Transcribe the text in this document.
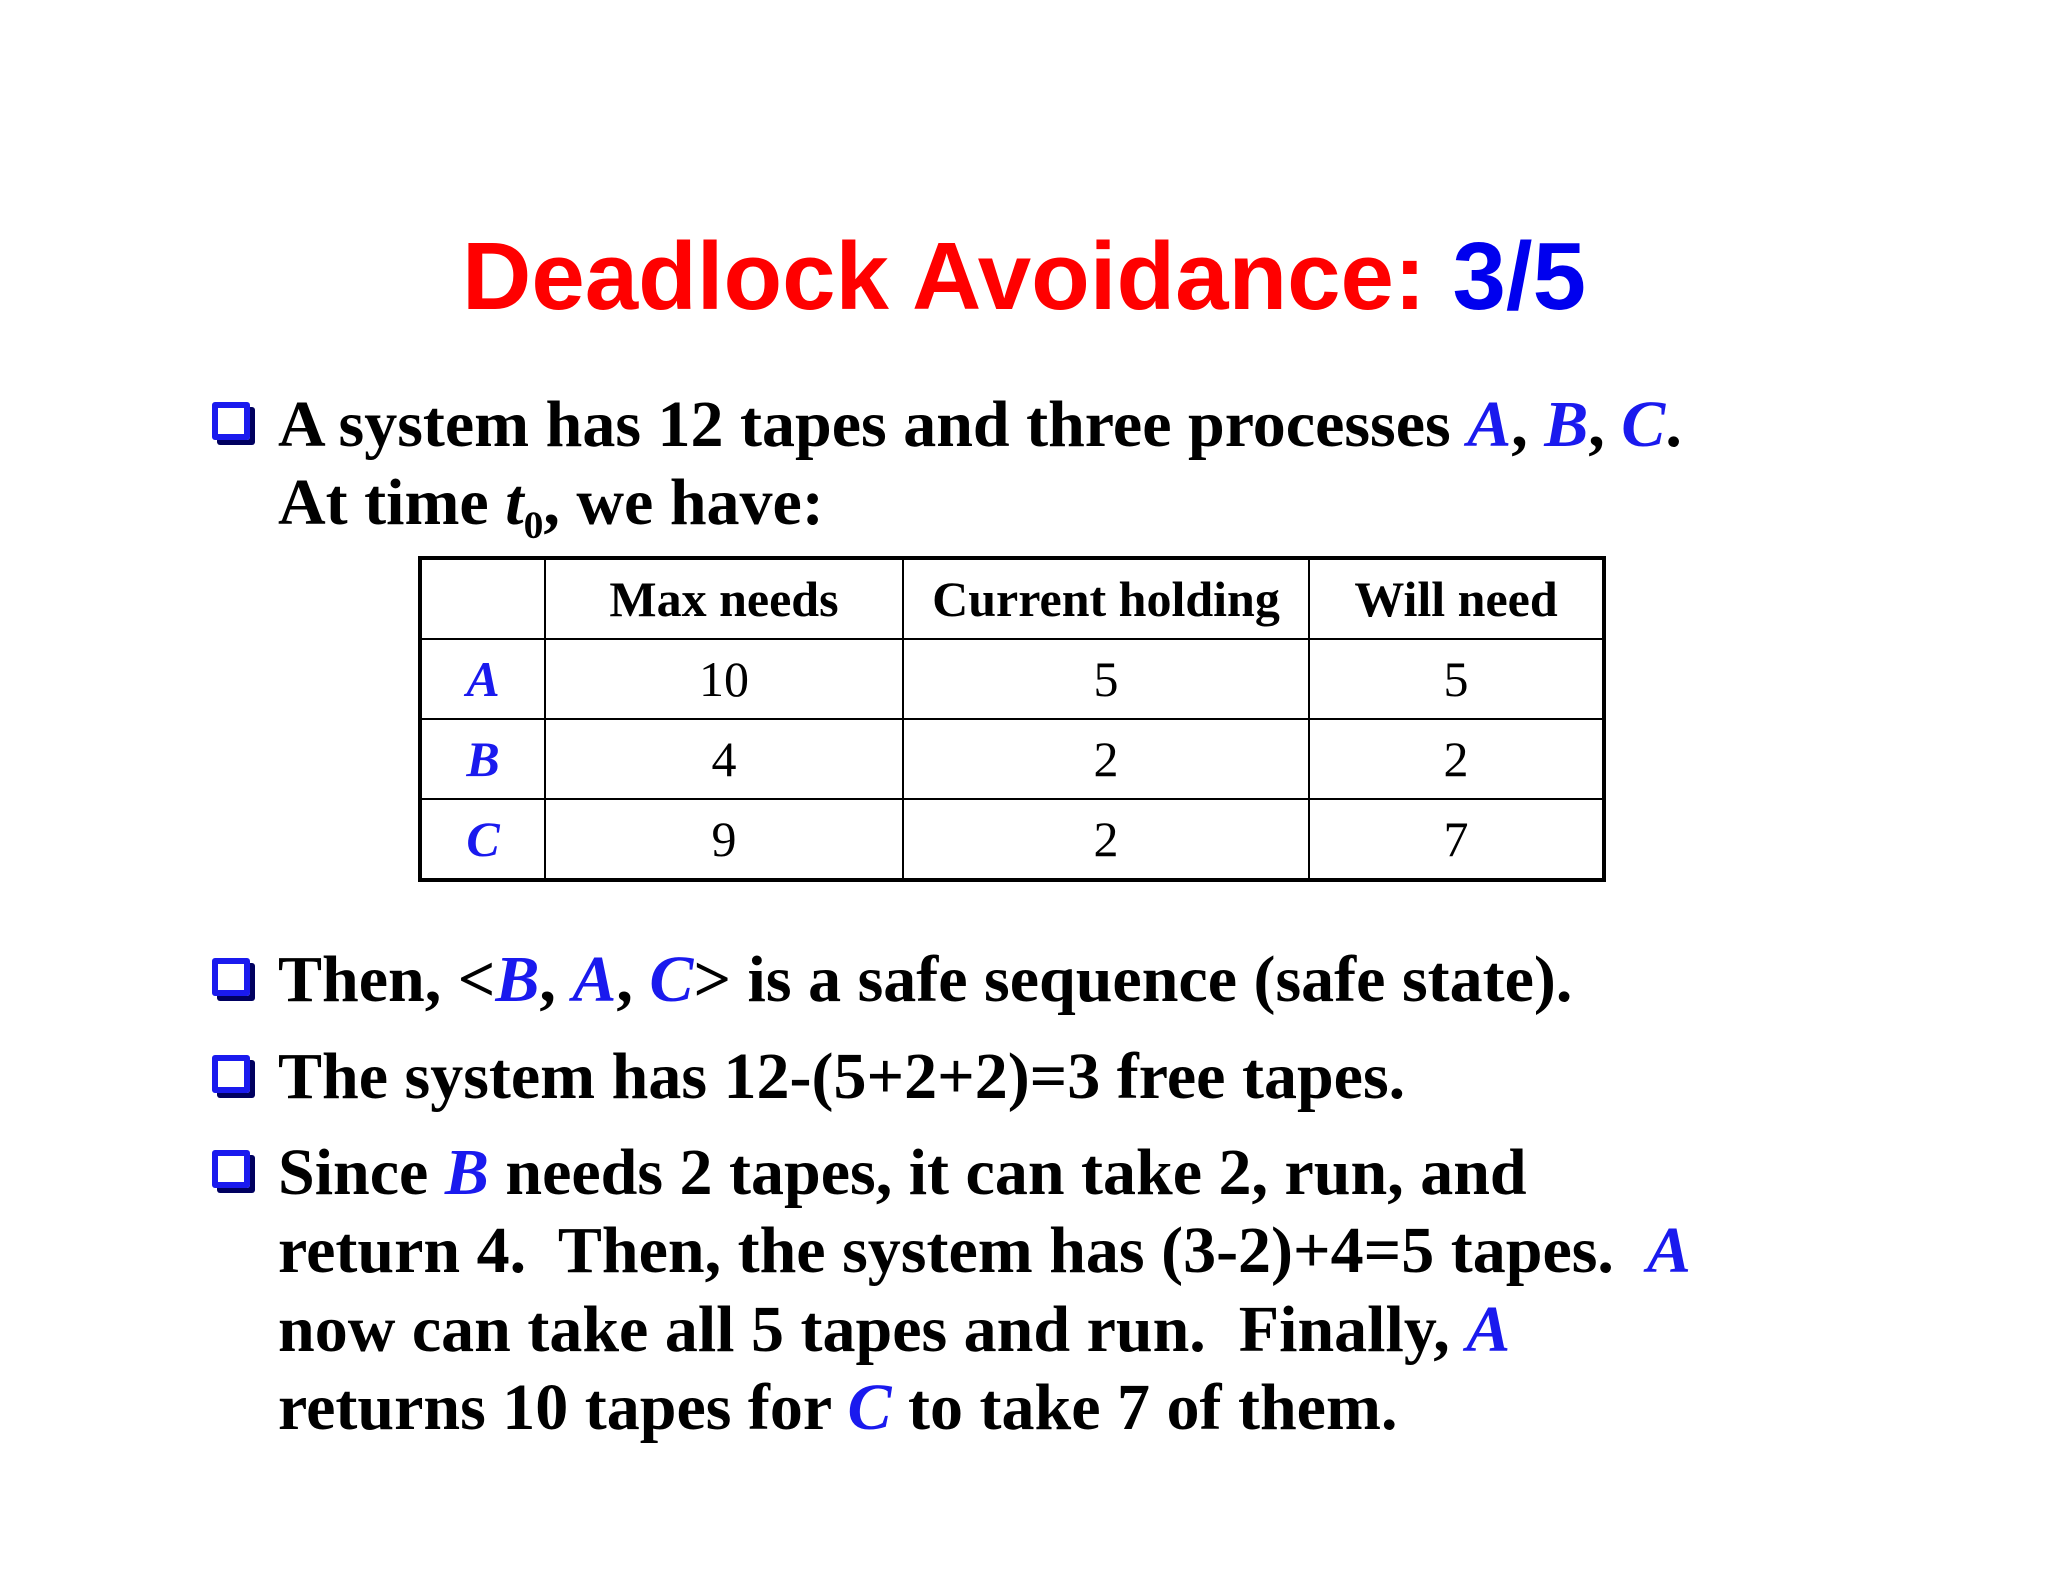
Deadlock Avoidance: 3/5
A system has 12 tapes and three processes A, B, C.
At time $t_0$, we have:
	Max needs	Current holding	Will need
A	10	5	5
B	4	2	2
C	9	2	7
Then, <B, A, C> is a safe sequence (safe state).
The system has 12-(5+2+2)=3 free tapes.
Since B needs 2 tapes, it can take 2, run, and
return 4.  Then, the system has (3-2)+4=5 tapes.  A
now can take all 5 tapes and run.  Finally, A
returns 10 tapes for C to take 7 of them.
